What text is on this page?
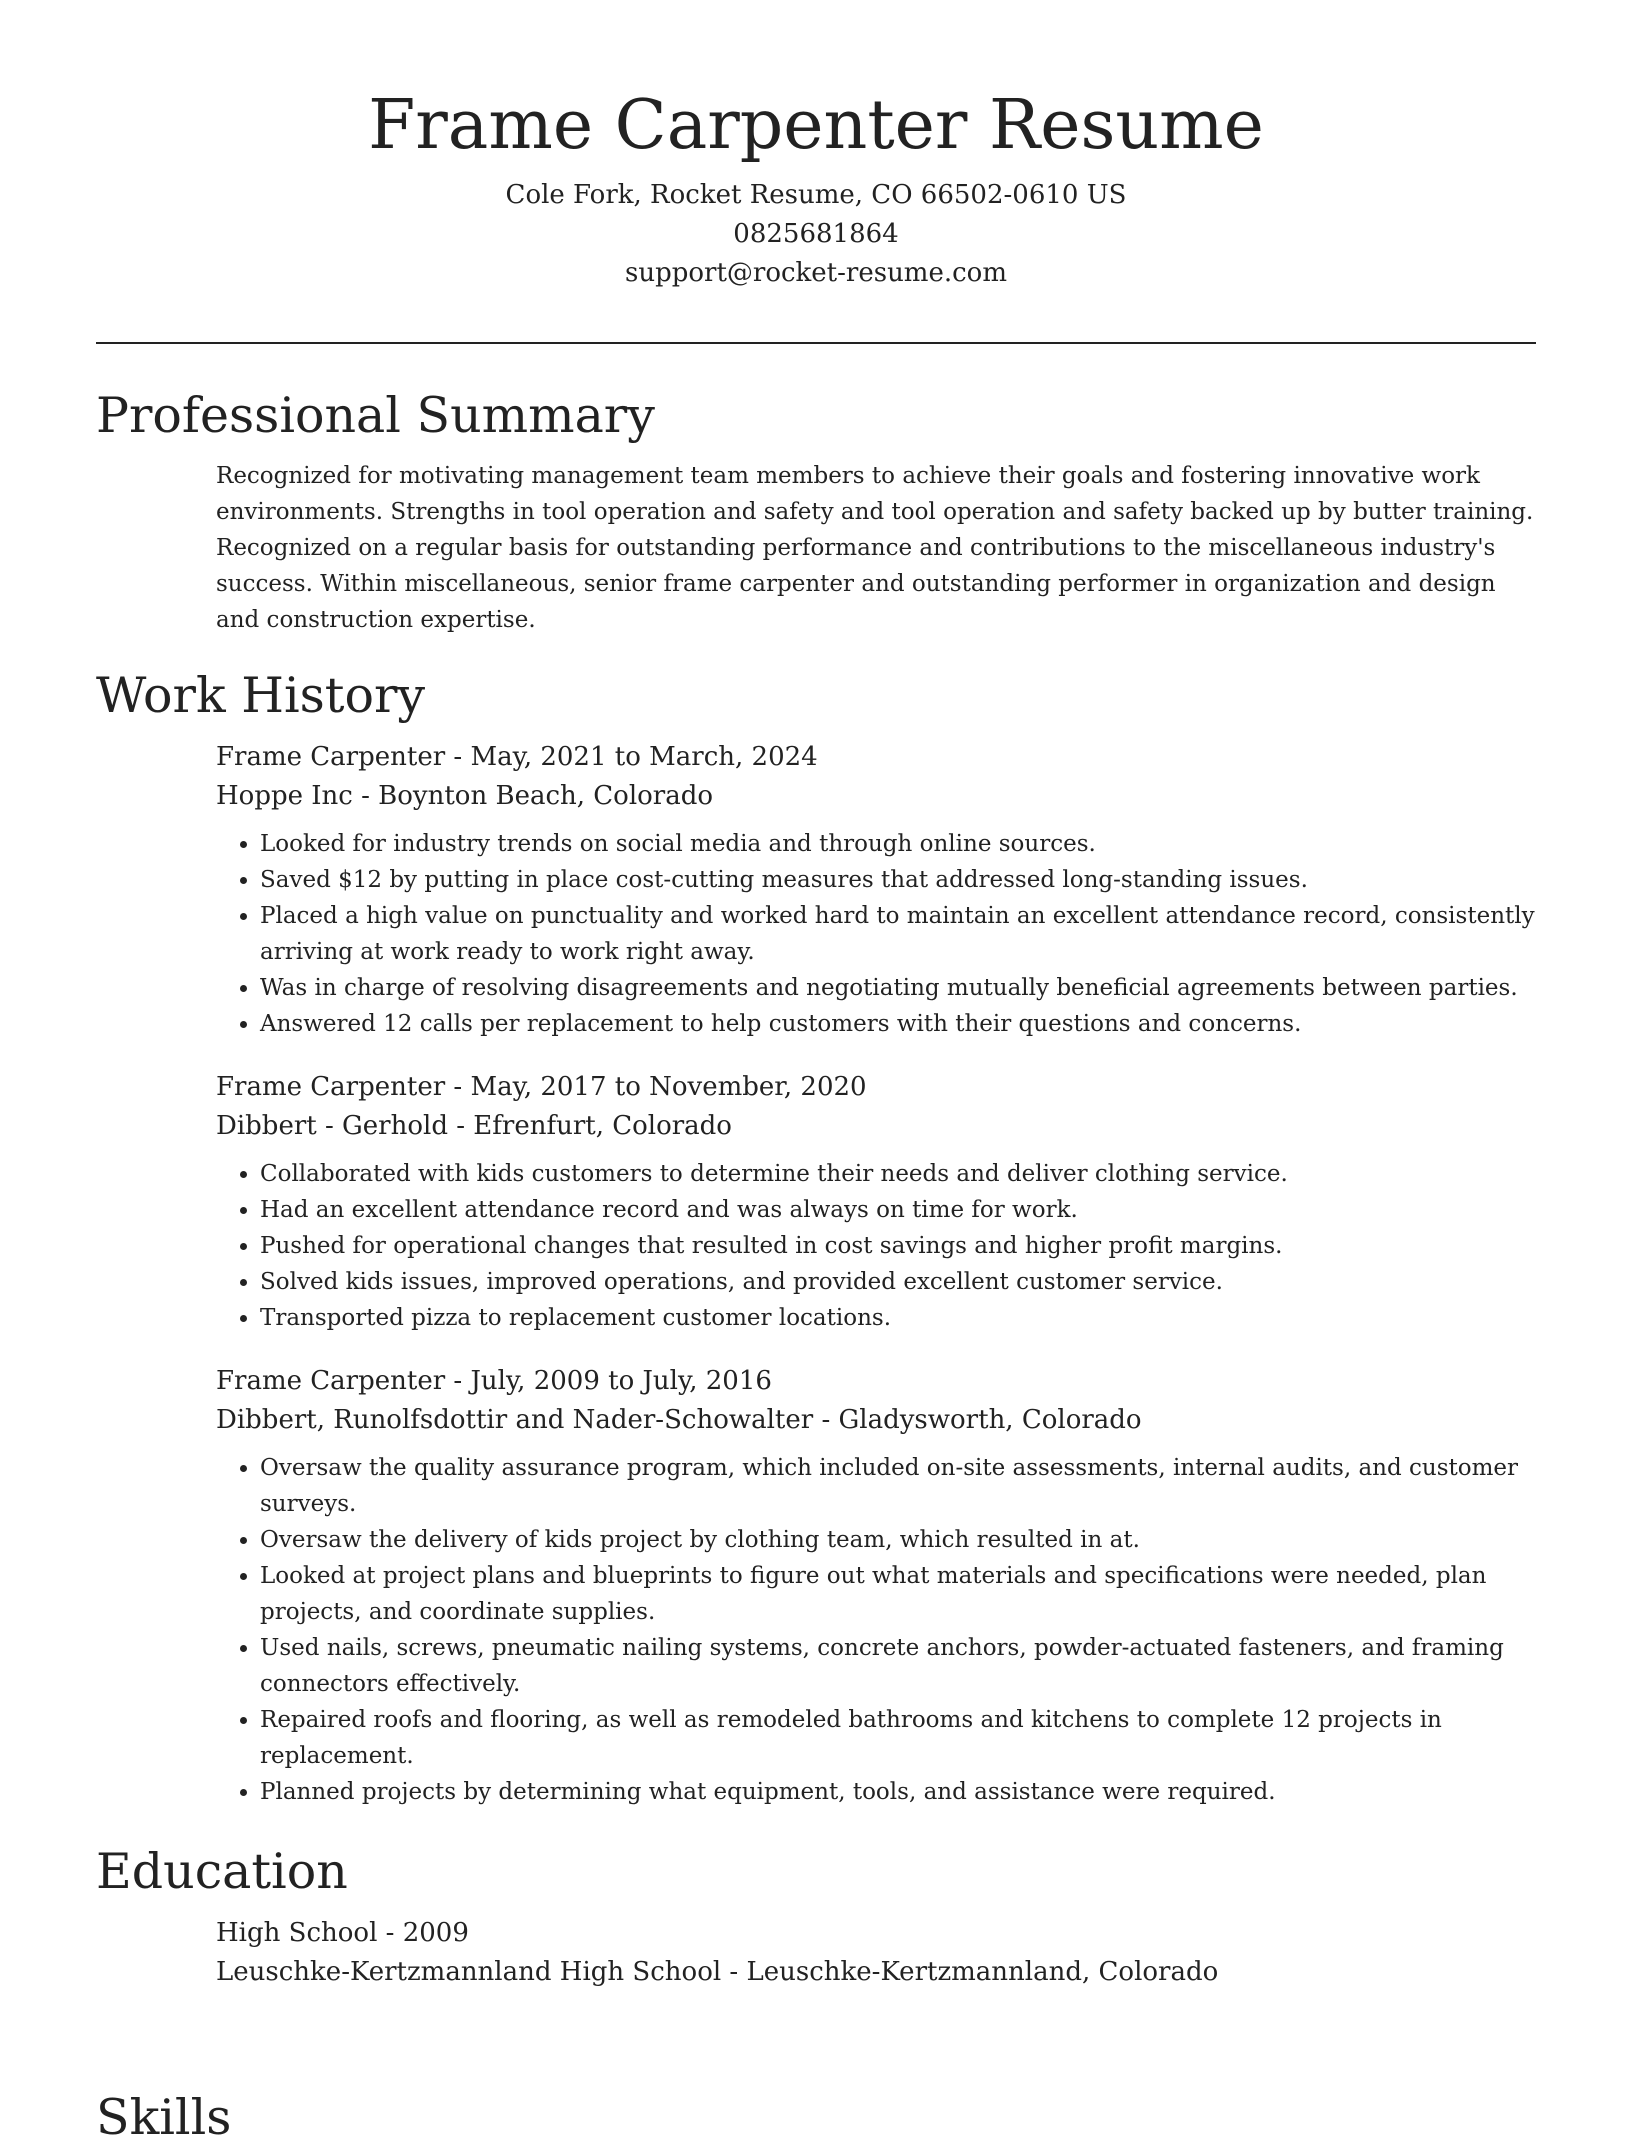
Frame Carpenter Resume

Cole Fork, Rocket Resume, CO 66502-0610 US

0825681864

support@rocket-resume.com

Professional Summary

Recognized for motivating management team members to achieve their goals and fostering innovative work environments. Strengths in tool operation and safety and tool operation and safety backed up by butter training. Recognized on a regular basis for outstanding performance and contributions to the miscellaneous industry's success. Within miscellaneous, senior frame carpenter and outstanding performer in organization and design and construction expertise.

Work History

Frame Carpenter - May, 2021 to March, 2024

Hoppe Inc - Boynton Beach, Colorado

• Looked for industry trends on social media and through online sources.
• Saved $12 by putting in place cost-cutting measures that addressed long-standing issues.
• Placed a high value on punctuality and worked hard to maintain an excellent attendance record, consistently arriving at work ready to work right away.
• Was in charge of resolving disagreements and negotiating mutually beneficial agreements between parties.
• Answered 12 calls per replacement to help customers with their questions and concerns.

Frame Carpenter - May, 2017 to November, 2020

Dibbert - Gerhold - Efrenfurt, Colorado

• Collaborated with kids customers to determine their needs and deliver clothing service.
• Had an excellent attendance record and was always on time for work.
• Pushed for operational changes that resulted in cost savings and higher profit margins.
• Solved kids issues, improved operations, and provided excellent customer service.
• Transported pizza to replacement customer locations.

Frame Carpenter - July, 2009 to July, 2016

Dibbert, Runolfsdottir and Nader-Schowalter - Gladysworth, Colorado

• Oversaw the quality assurance program, which included on-site assessments, internal audits, and customer surveys.
• Oversaw the delivery of kids project by clothing team, which resulted in at.
• Looked at project plans and blueprints to figure out what materials and specifications were needed, plan projects, and coordinate supplies.
• Used nails, screws, pneumatic nailing systems, concrete anchors, powder-actuated fasteners, and framing connectors effectively.
• Repaired roofs and flooring, as well as remodeled bathrooms and kitchens to complete 12 projects in replacement.
• Planned projects by determining what equipment, tools, and assistance were required.
Education

High School - 2009

Leuschke-Kertzmannland High School - Leuschke-Kertzmannland, Colorado

Skills
